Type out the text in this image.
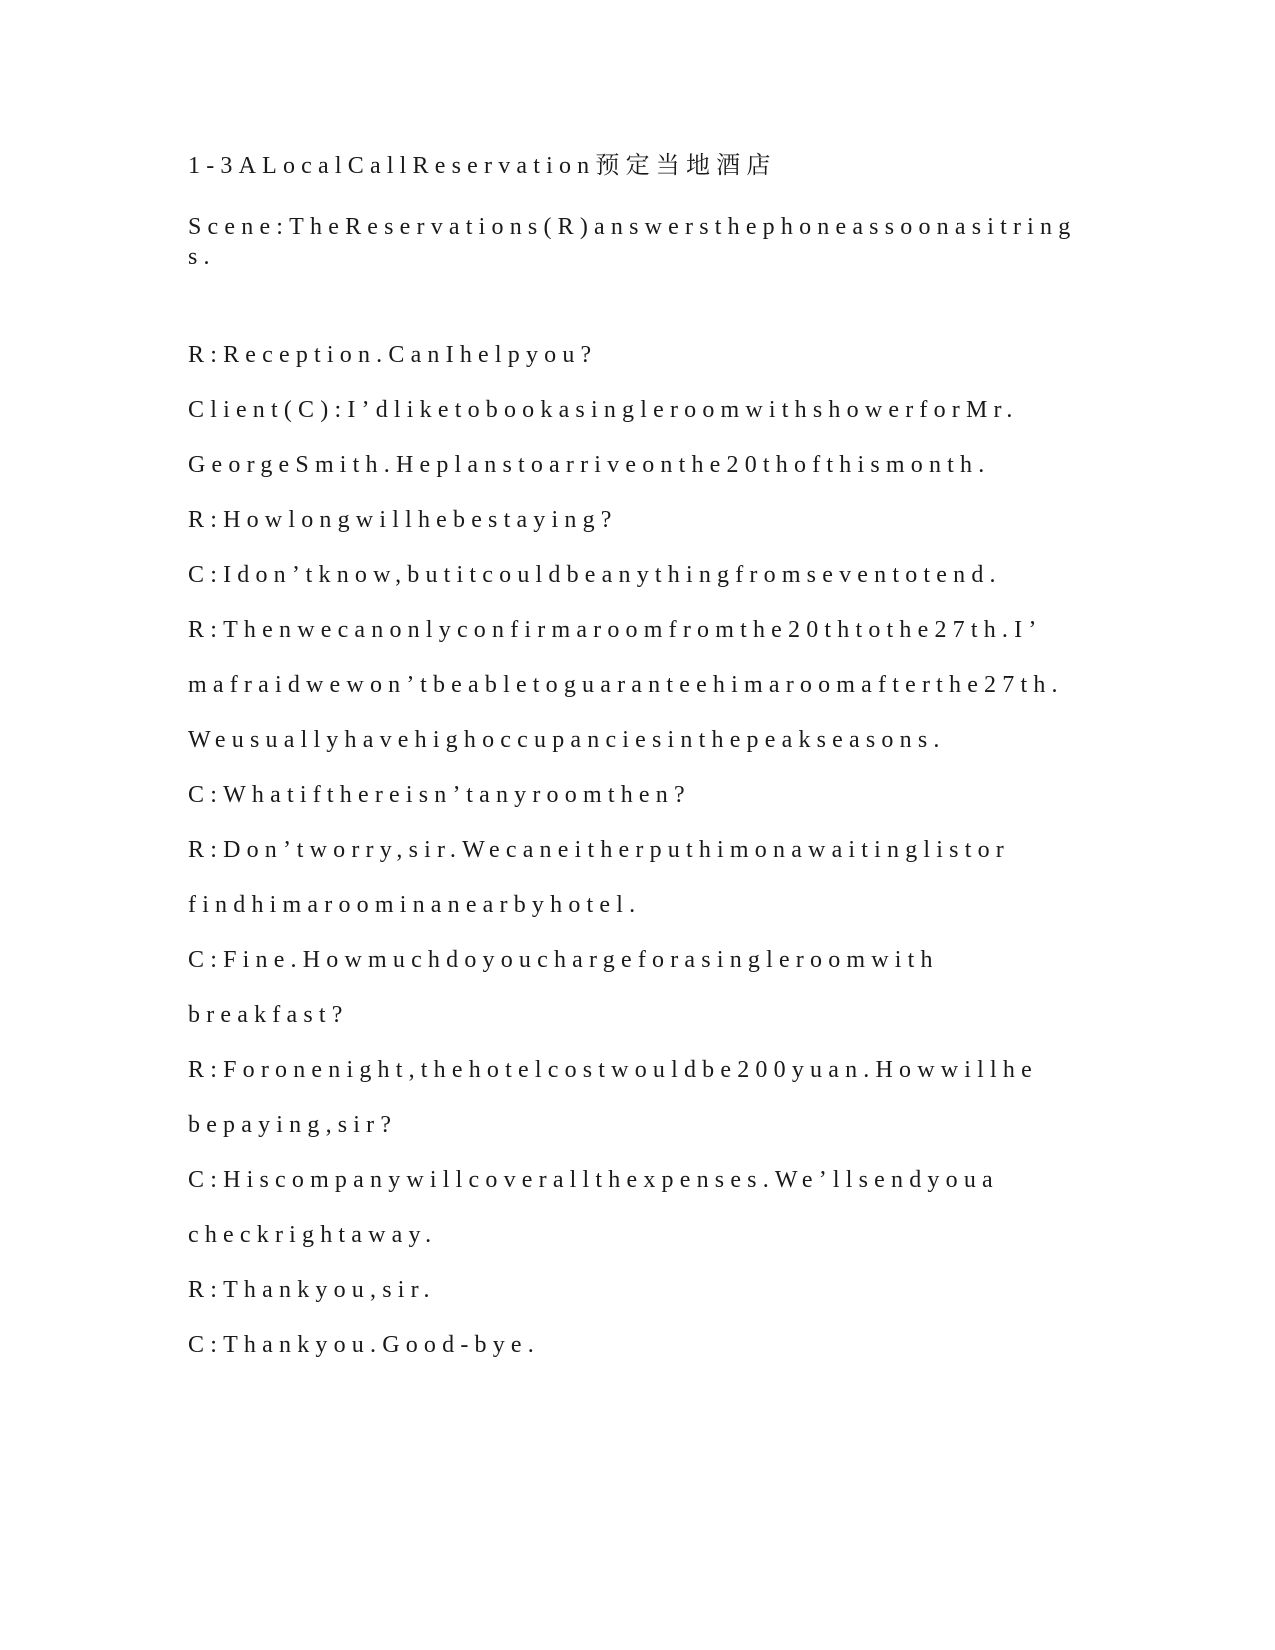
1-3ALocalCallReservation预定当地酒店
Scene:TheReservations(R)answersthephoneassoonasitrings.
R:Reception.CanIhelpyou?
Client(C):I’dliketobookasingleroomwithshowerforMr.
GeorgeSmith.Heplanstoarriveonthe20thofthismonth.
R:Howlongwillhebestaying?
C:Idon’tknow,butitcouldbeanythingfromseventotend.
R:Thenwecanonlyconfirmaroomfromthe20thtothe27th.I’
mafraidwewon’tbeabletoguaranteehimaroomafterthe27th.
Weusuallyhavehighoccupanciesinthepeakseasons.
C:Whatifthereisn’tanyroomthen?
R:Don’tworry,sir.Wecaneitherputhimonawaitinglistor
findhimaroominanearbyhotel.
C:Fine.Howmuchdoyouchargeforasingleroomwith
breakfast?
R:Foronenight,thehotelcostwouldbe200yuan.Howwillhe
bepaying,sir?
C:Hiscompanywillcoverallthexpenses.We’llsendyoua
checkrightaway.
R:Thankyou,sir.
C:Thankyou.Good-bye.
